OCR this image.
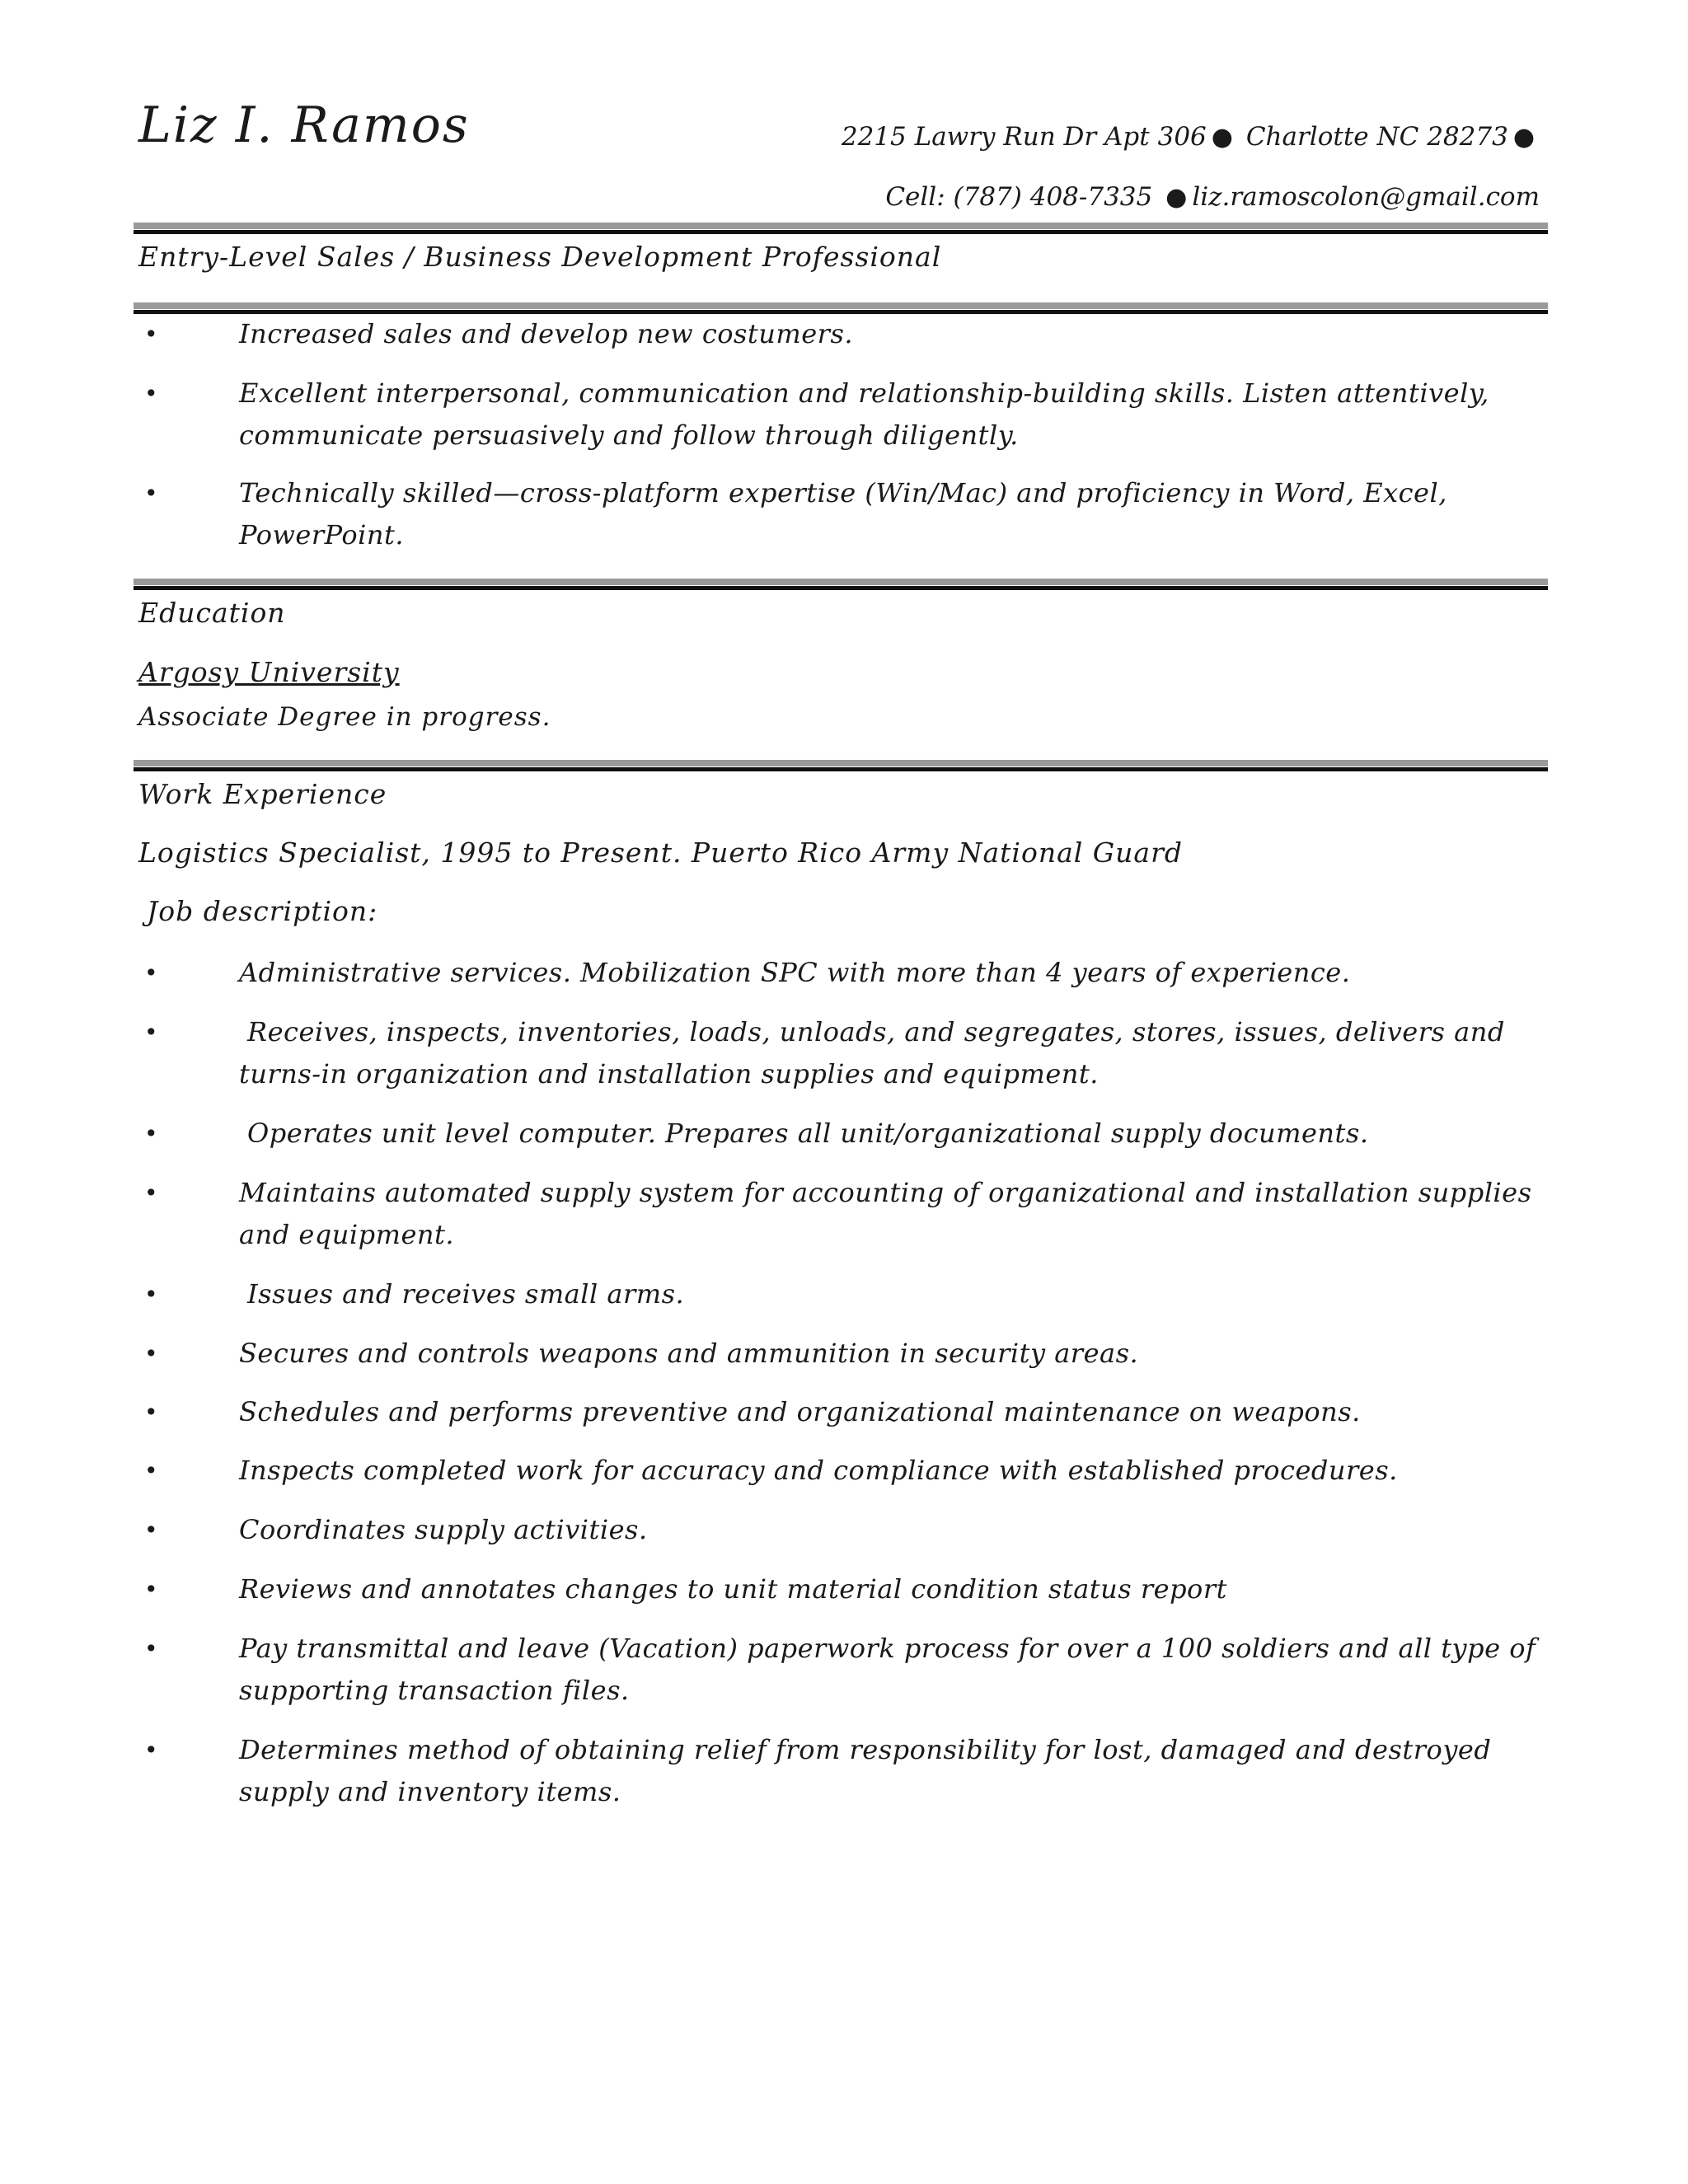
Liz I. Ramos	2215 Lawry Run Dr Apt 306 ● Charlotte NC 28273 ●
Cell: (787) 408-7335 ● liz.ramoscolon@gmail.com
Entry-Level Sales / Business Development Professional
•	Increased sales and develop new costumers.
•	Excellent interpersonal, communication and relationship-building skills. Listen attentively, communicate persuasively and follow through diligently.
•	Technically skilled—cross-platform expertise (Win/Mac) and proficiency in Word, Excel, PowerPoint.
Education
Argosy University
Associate Degree in progress.
Work Experience
Logistics Specialist, 1995 to Present. Puerto Rico Army National Guard
Job description:
•	Administrative services. Mobilization SPC with more than 4 years of experience.
•	Receives, inspects, inventories, loads, unloads, and segregates, stores, issues, delivers and turns-in organization and installation supplies and equipment.
•	Operates unit level computer. Prepares all unit/organizational supply documents.
•	Maintains automated supply system for accounting of organizational and installation supplies and equipment.
•	Issues and receives small arms.
•	Secures and controls weapons and ammunition in security areas.
•	Schedules and performs preventive and organizational maintenance on weapons.
•	Inspects completed work for accuracy and compliance with established procedures.
•	Coordinates supply activities.
•	Reviews and annotates changes to unit material condition status report
•	Pay transmittal and leave (Vacation) paperwork process for over a 100 soldiers and all type of supporting transaction files.
•	Determines method of obtaining relief from responsibility for lost, damaged and destroyed supply and inventory items.
